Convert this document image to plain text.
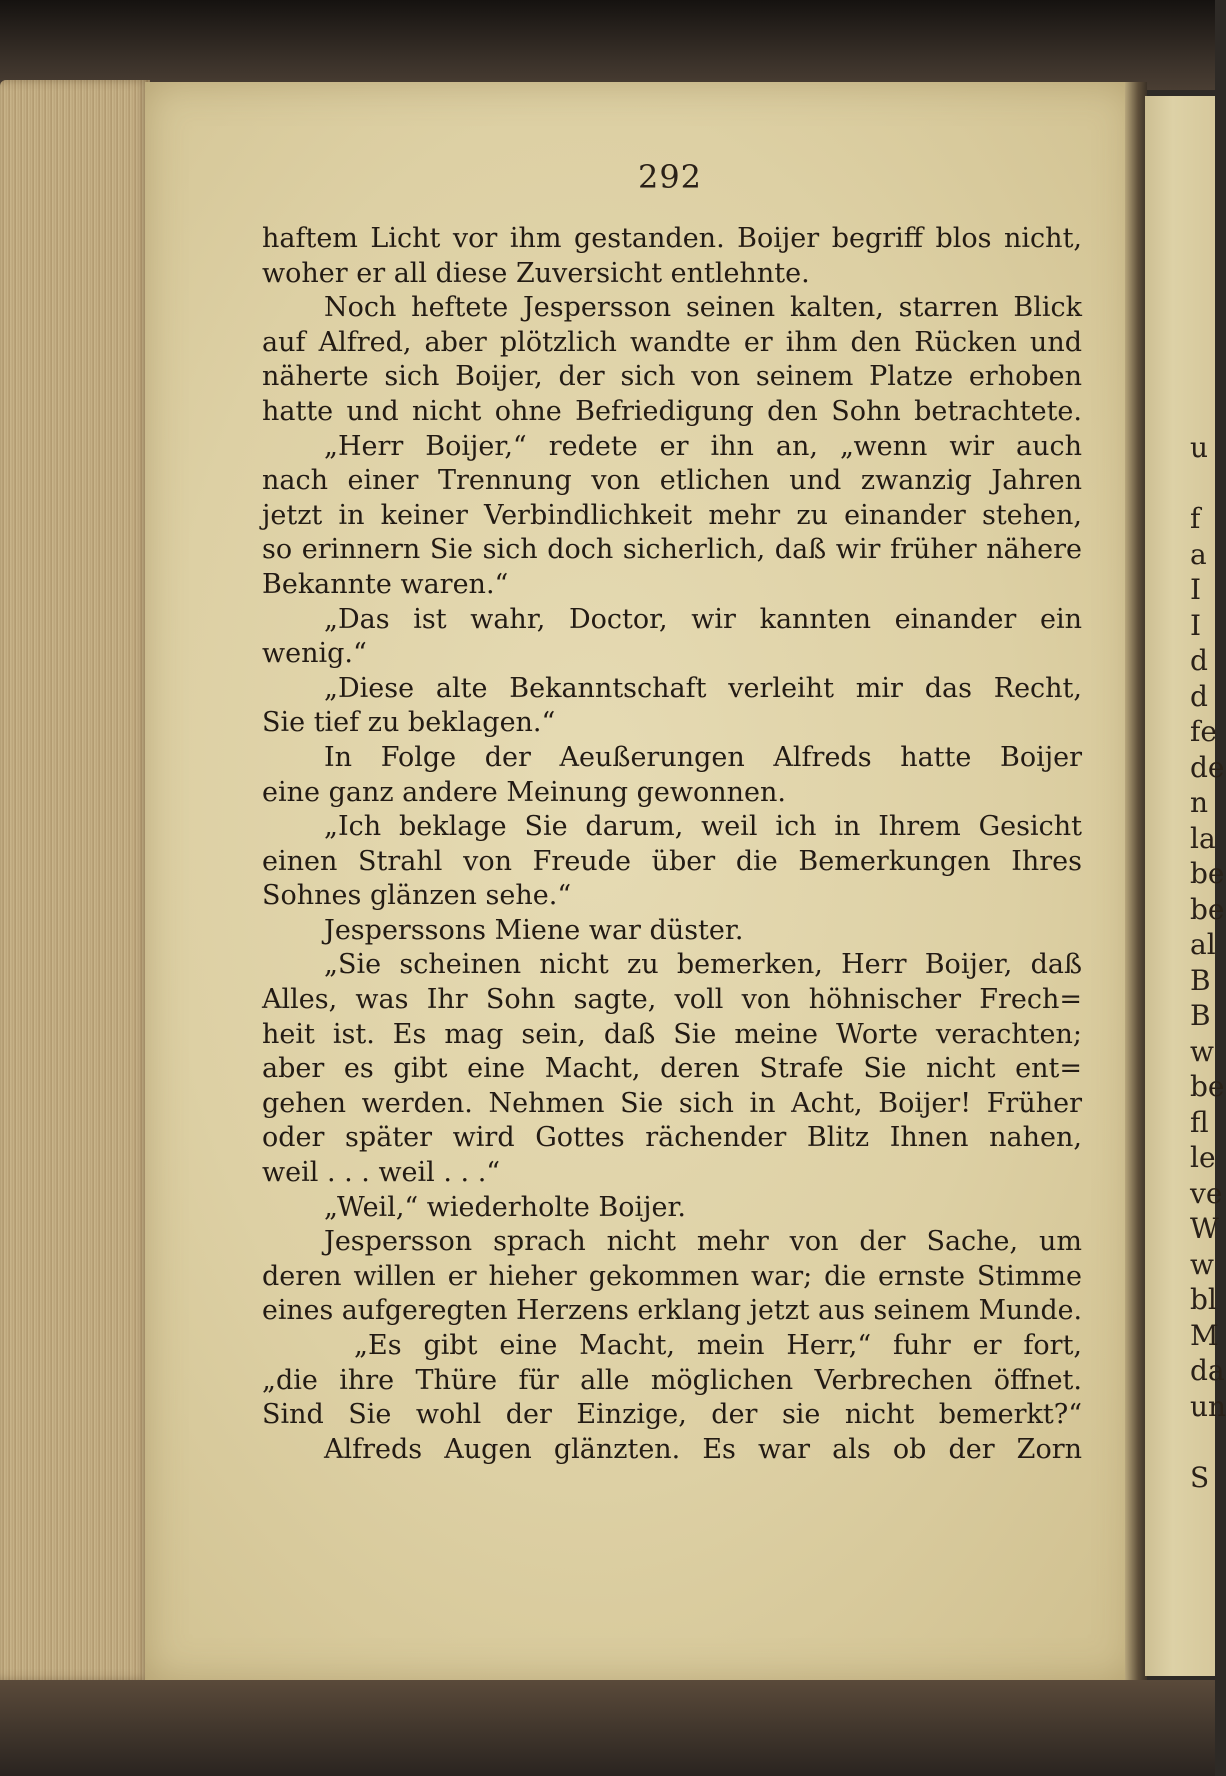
292
haftem Licht vor ihm gestanden. Boijer begriff blos nicht,
woher er all diese Zuversicht entlehnte.
Noch heftete Jespersson seinen kalten, starren Blick
auf Alfred, aber plötzlich wandte er ihm den Rücken und
näherte sich Boijer, der sich von seinem Platze erhoben
hatte und nicht ohne Befriedigung den Sohn betrachtete.
„Herr Boijer,“ redete er ihn an, „wenn wir auch
nach einer Trennung von etlichen und zwanzig Jahren
jetzt in keiner Verbindlichkeit mehr zu einander stehen,
so erinnern Sie sich doch sicherlich, daß wir früher nähere
Bekannte waren.“
„Das ist wahr, Doctor, wir kannten einander ein
wenig.“
„Diese alte Bekanntschaft verleiht mir das Recht,
Sie tief zu beklagen.“
In Folge der Aeußerungen Alfreds hatte Boijer
eine ganz andere Meinung gewonnen.
„Ich beklage Sie darum, weil ich in Ihrem Gesicht
einen Strahl von Freude über die Bemerkungen Ihres
Sohnes glänzen sehe.“
Jesperssons Miene war düster.
„Sie scheinen nicht zu bemerken, Herr Boijer, daß
Alles, was Ihr Sohn sagte, voll von höhnischer Frech=
heit ist. Es mag sein, daß Sie meine Worte verachten;
aber es gibt eine Macht, deren Strafe Sie nicht ent=
gehen werden. Nehmen Sie sich in Acht, Boijer! Früher
oder später wird Gottes rächender Blitz Ihnen nahen,
weil . . . weil . . .“
„Weil,“ wiederholte Boijer.
Jespersson sprach nicht mehr von der Sache, um
deren willen er hieher gekommen war; die ernste Stimme
eines aufgeregten Herzens erklang jetzt aus seinem Munde.
„Es gibt eine Macht, mein Herr,“ fuhr er fort,
„die ihre Thüre für alle möglichen Verbrechen öffnet.
Sind Sie wohl der Einzige, der sie nicht bemerkt?“
Alfreds Augen glänzten. Es war als ob der Zorn
u

f
a
I
I
d
d
fe
de
n
la
be
be
al
B
B
w
be
fl
le
ve
W
w
bl
M
da
un

S
